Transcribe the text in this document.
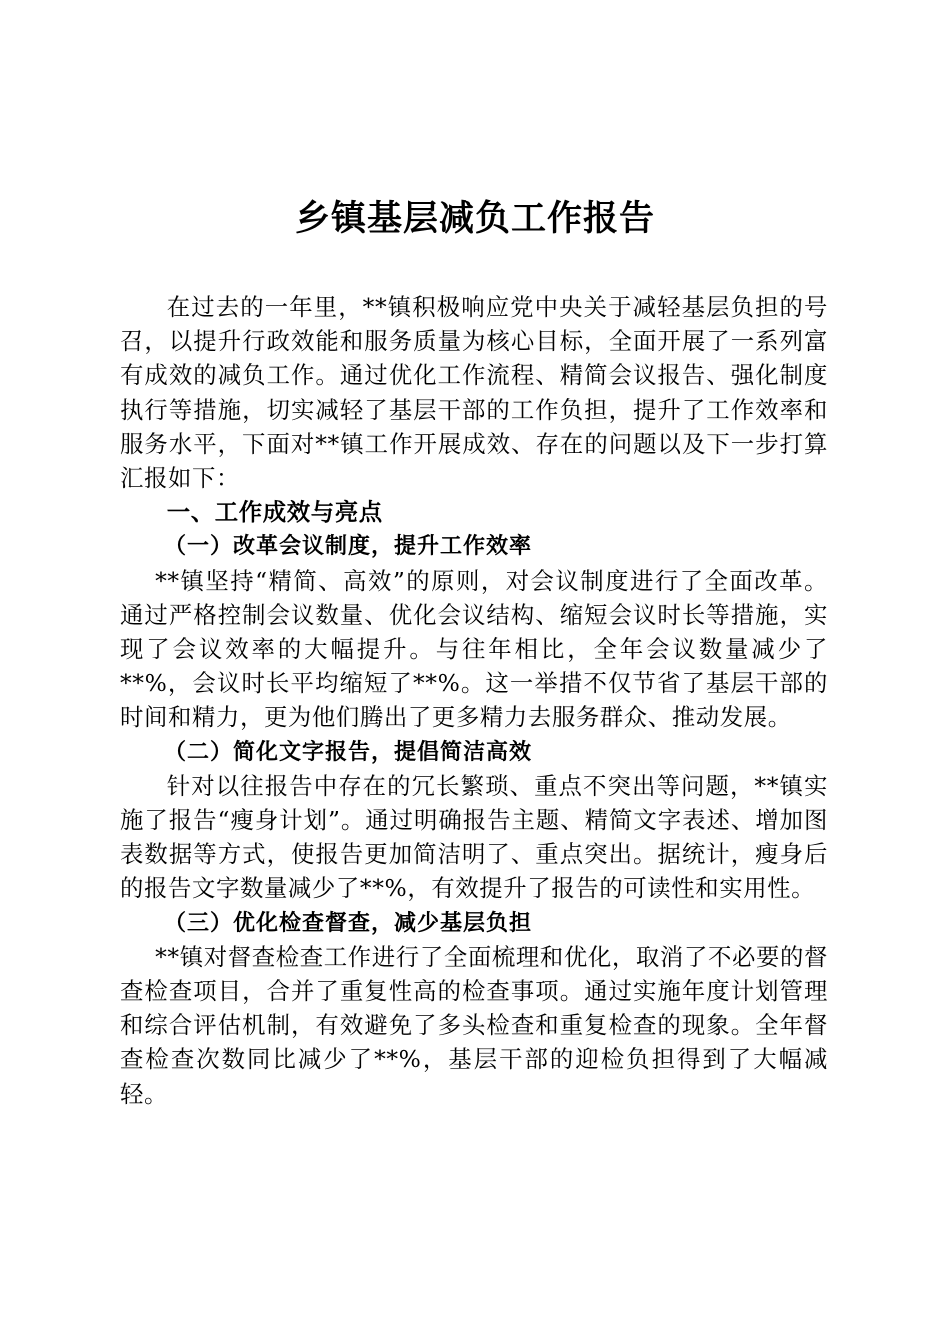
乡镇基层减负工作报告

在过去的一年里，**镇积极响应党中央关于减轻基层负担的号召，以提升行政效能和服务质量为核心目标，全面开展了一系列富有成效的减负工作。通过优化工作流程、精简会议报告、强化制度执行等措施，切实减轻了基层干部的工作负担，提升了工作效率和服务水平，下面对**镇工作开展成效、存在的问题以及下一步打算汇报如下：

一、工作成效与亮点
（一）改革会议制度，提升工作效率

**镇坚持“精简、高效”的原则，对会议制度进行了全面改革。通过严格控制会议数量、优化会议结构、缩短会议时长等措施，实现了会议效率的大幅提升。与往年相比，全年会议数量减少了**%，会议时长平均缩短了**%。这一举措不仅节省了基层干部的时间和精力，更为他们腾出了更多精力去服务群众、推动发展。

（二）简化文字报告，提倡简洁高效

针对以往报告中存在的冗长繁琐、重点不突出等问题，**镇实施了报告“瘦身计划”。通过明确报告主题、精简文字表述、增加图表数据等方式，使报告更加简洁明了、重点突出。据统计，瘦身后的报告文字数量减少了**%，有效提升了报告的可读性和实用性。

（三）优化检查督查，减少基层负担

**镇对督查检查工作进行了全面梳理和优化，取消了不必要的督查检查项目，合并了重复性高的检查事项。通过实施年度计划管理和综合评估机制，有效避免了多头检查和重复检查的现象。全年督查检查次数同比减少了**%，基层干部的迎检负担得到了大幅减轻。
